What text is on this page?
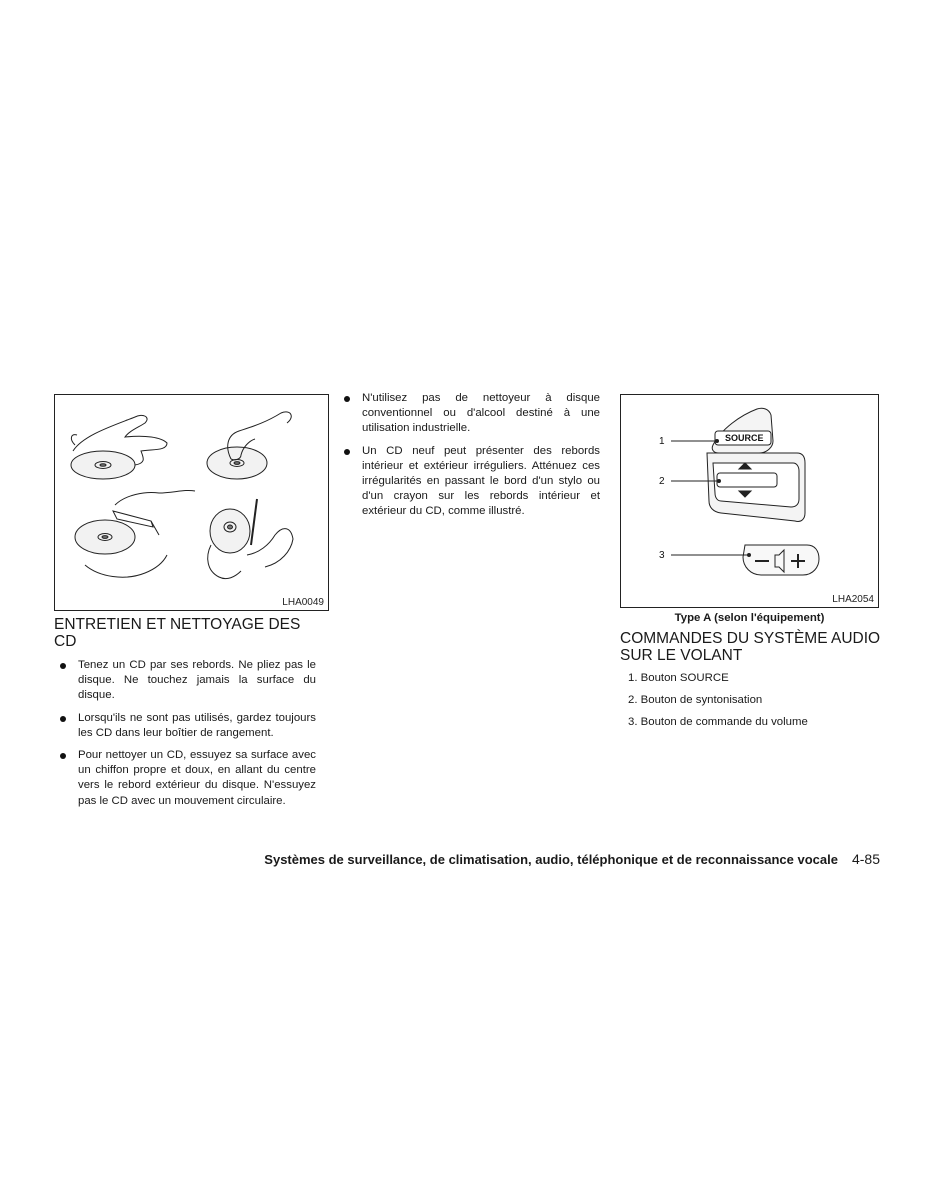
LHA0049
ENTRETIEN ET NETTOYAGE DES CD
Tenez un CD par ses rebords. Ne pliez pas le disque. Ne touchez jamais la surface du disque.
Lorsqu'ils ne sont pas utilisés, gardez toujours les CD dans leur boîtier de rangement.
Pour nettoyer un CD, essuyez sa surface avec un chiffon propre et doux, en allant du centre vers le rebord extérieur du disque. N'essuyez pas le CD avec un mouvement circulaire.
N'utilisez pas de nettoyeur à disque conventionnel ou d'alcool destiné à une utilisation industrielle.
Un CD neuf peut présenter des rebords intérieur et extérieur irréguliers. Atténuez ces irrégularités en passant le bord d'un stylo ou d'un crayon sur les rebords intérieur et extérieur du CD, comme illustré.
1
2
3
SOURCE
LHA2054
Type A (selon l'équipement)
COMMANDES DU SYSTÈME AUDIO SUR LE VOLANT
1. Bouton SOURCE
2. Bouton de syntonisation
3. Bouton de commande du volume
Systèmes de surveillance, de climatisation, audio, téléphonique et de reconnaissance vocale 4-85
